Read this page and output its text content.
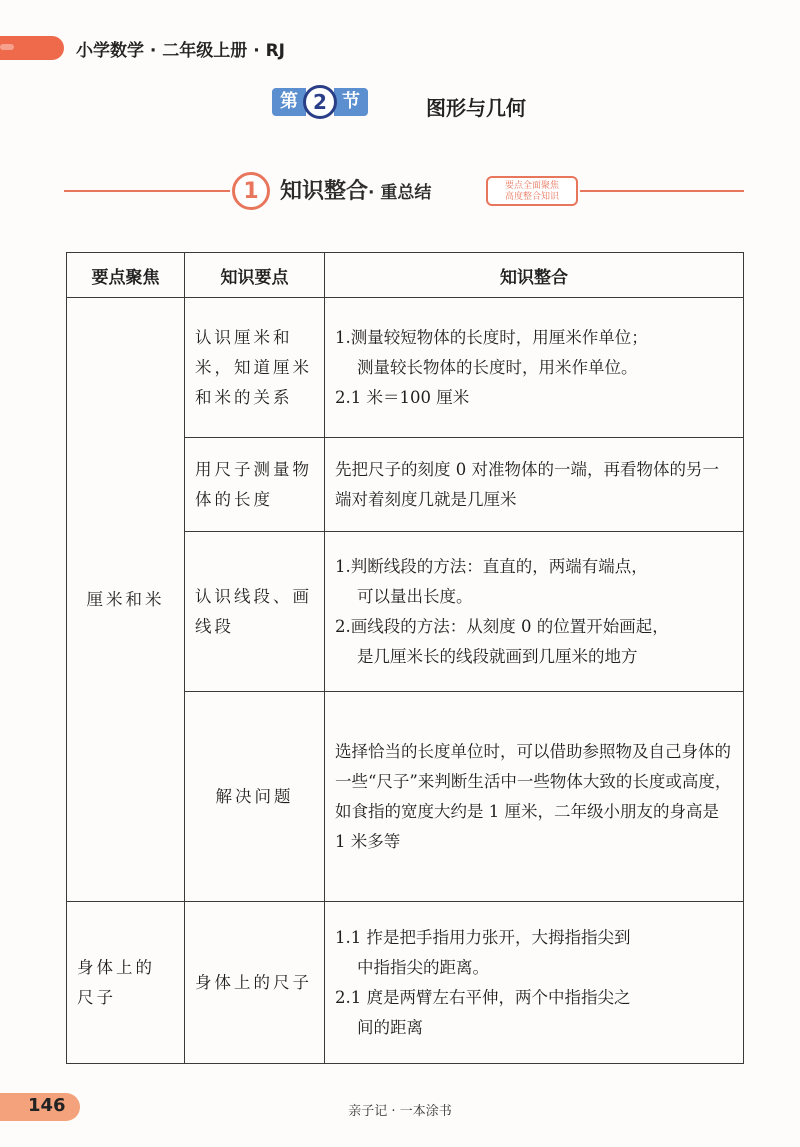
小学数学 · 二年级上册 · RJ
第 2 节	图形与几何
1 知识整合· 重总结	要点全面聚焦
高度整合知识
要点聚焦	知识要点	知识整合
厘米和米	认识厘米和米，知道厘米和米的关系	1.测量较短物体的长度时，用厘米作单位；

测量较长物体的长度时，用米作单位。

2.1 米＝100 厘米

	用尺子测量物体的长度	先把尺子的刻度 0 对准物体的一端，再看物体的另一端对着刻度几就是几厘米

	认识线段、画线段	1.判断线段的方法：直直的，两端有端点，

可以量出长度。

2.画线段的方法：从刻度 0 的位置开始画起，

是几厘米长的线段就画到几厘米的地方

	解决问题	选择恰当的长度单位时，可以借助参照物及自己身体的一些“尺子”来判断生活中一些物体大致的长度或高度，如食指的宽度大约是 1 厘米，二年级小朋友的身高是 1 米多等

身体上的尺子	身体上的尺子	1.1 拃是把手指用力张开，大拇指指尖到

中指指尖的距离。

2.1 庹是两臂左右平伸，两个中指指尖之

间的距离

146	亲子记 · 一本涂书
